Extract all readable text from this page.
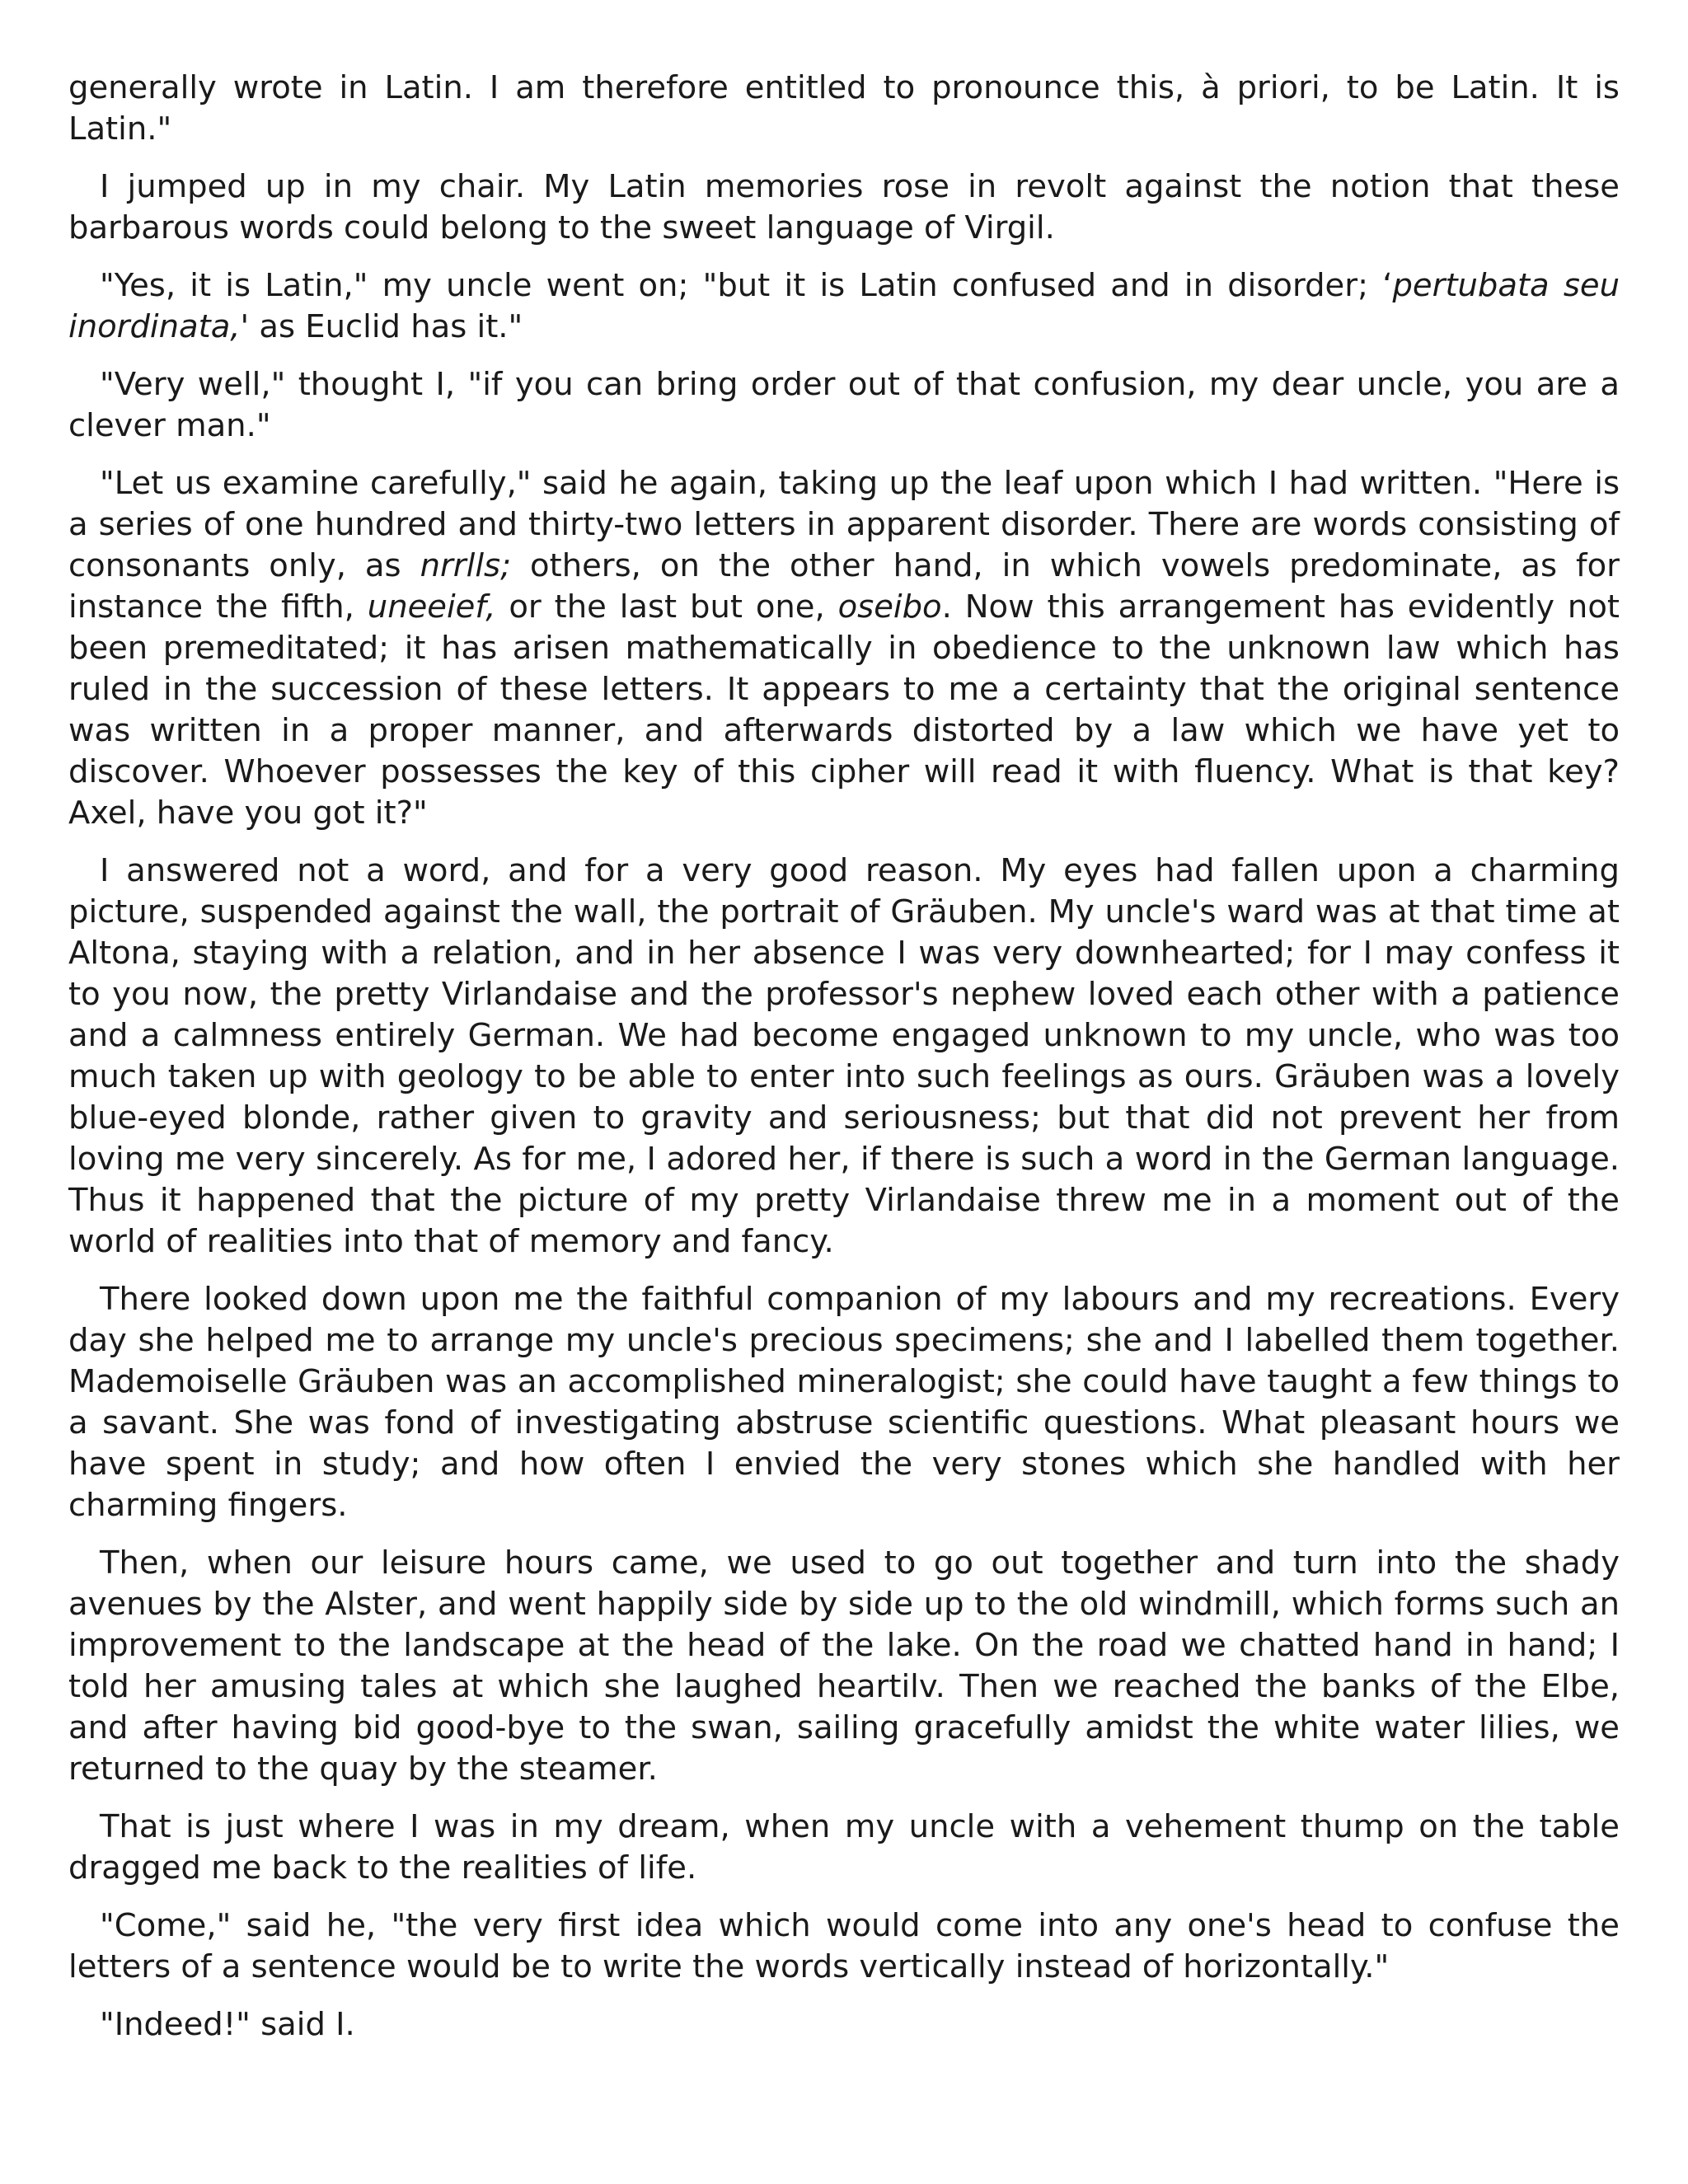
generally wrote in Latin. I am therefore entitled to pronounce this, à priori, to be Latin. It is Latin."

I jumped up in my chair. My Latin memories rose in revolt against the notion that these barbarous words could belong to the sweet language of Virgil.

"Yes, it is Latin," my uncle went on; "but it is Latin confused and in disorder; ‘pertubata seu inordinata,' as Euclid has it."

"Very well," thought I, "if you can bring order out of that confusion, my dear uncle, you are a clever man."

"Let us examine carefully," said he again, taking up the leaf upon which I had written. "Here is a series of one hundred and thirty-two letters in apparent disorder. There are words consisting of consonants only, as nrrlls; others, on the other hand, in which vowels predominate, as for instance the fifth, uneeief, or the last but one, oseibo. Now this arrangement has evidently not been premeditated; it has arisen mathematically in obedience to the unknown law which has ruled in the succession of these letters. It appears to me a certainty that the original sentence was written in a proper manner, and afterwards distorted by a law which we have yet to discover. Whoever possesses the key of this cipher will read it with fluency. What is that key? Axel, have you got it?"

I answered not a word, and for a very good reason. My eyes had fallen upon a charming picture, suspended against the wall, the portrait of Gräuben. My uncle's ward was at that time at Altona, staying with a relation, and in her absence I was very downhearted; for I may confess it to you now, the pretty Virlandaise and the professor's nephew loved each other with a patience and a calmness entirely German. We had become engaged unknown to my uncle, who was too much taken up with geology to be able to enter into such feelings as ours. Gräuben was a lovely blue-eyed blonde, rather given to gravity and seriousness; but that did not prevent her from loving me very sincerely. As for me, I adored her, if there is such a word in the German language. Thus it happened that the picture of my pretty Virlandaise threw me in a moment out of the world of realities into that of memory and fancy.

There looked down upon me the faithful companion of my labours and my recreations. Every day she helped me to arrange my uncle's precious specimens; she and I labelled them together. Mademoiselle Gräuben was an accomplished mineralogist; she could have taught a few things to a savant. She was fond of investigating abstruse scientific questions. What pleasant hours we have spent in study; and how often I envied the very stones which she handled with her charming fingers.

Then, when our leisure hours came, we used to go out together and turn into the shady avenues by the Alster, and went happily side by side up to the old windmill, which forms such an improvement to the landscape at the head of the lake. On the road we chatted hand in hand; I told her amusing tales at which she laughed heartilv. Then we reached the banks of the Elbe, and after having bid good-bye to the swan, sailing gracefully amidst the white water lilies, we returned to the quay by the steamer.

That is just where I was in my dream, when my uncle with a vehement thump on the table dragged me back to the realities of life.

"Come," said he, "the very first idea which would come into any one's head to confuse the letters of a sentence would be to write the words vertically instead of horizontally."

"Indeed!" said I.
